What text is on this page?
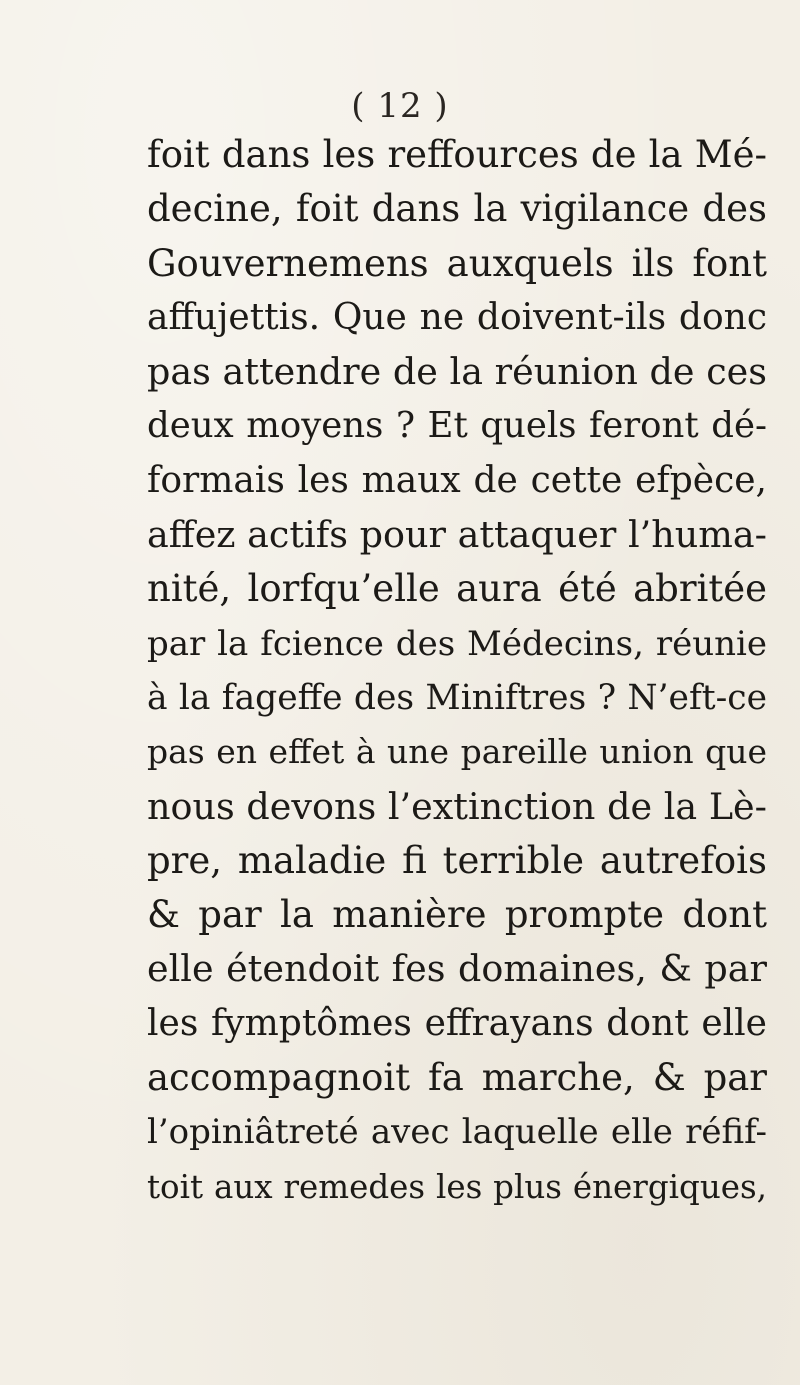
( 12 )
foit dans les reffources de la Mé-
decine, foit dans la vigilance des
Gouvernemens auxquels ils font
affujettis. Que ne doivent-ils donc
pas attendre de la réunion de ces
deux moyens ? Et quels feront dé-
formais les maux de cette efpèce,
affez actifs pour attaquer l’huma-
nité, lorfqu’elle aura été abritée
par la fcience des Médecins, réunie
à la fageffe des Miniftres ? N’eft-ce
pas en effet à une pareille union que
nous devons l’extinction de la Lè-
pre, maladie fi terrible autrefois
& par la manière prompte dont
elle étendoit fes domaines, & par
les fymptômes effrayans dont elle
accompagnoit fa marche, & par
l’opiniâtreté avec laquelle elle réfif-
toit aux remedes les plus énergiques,
